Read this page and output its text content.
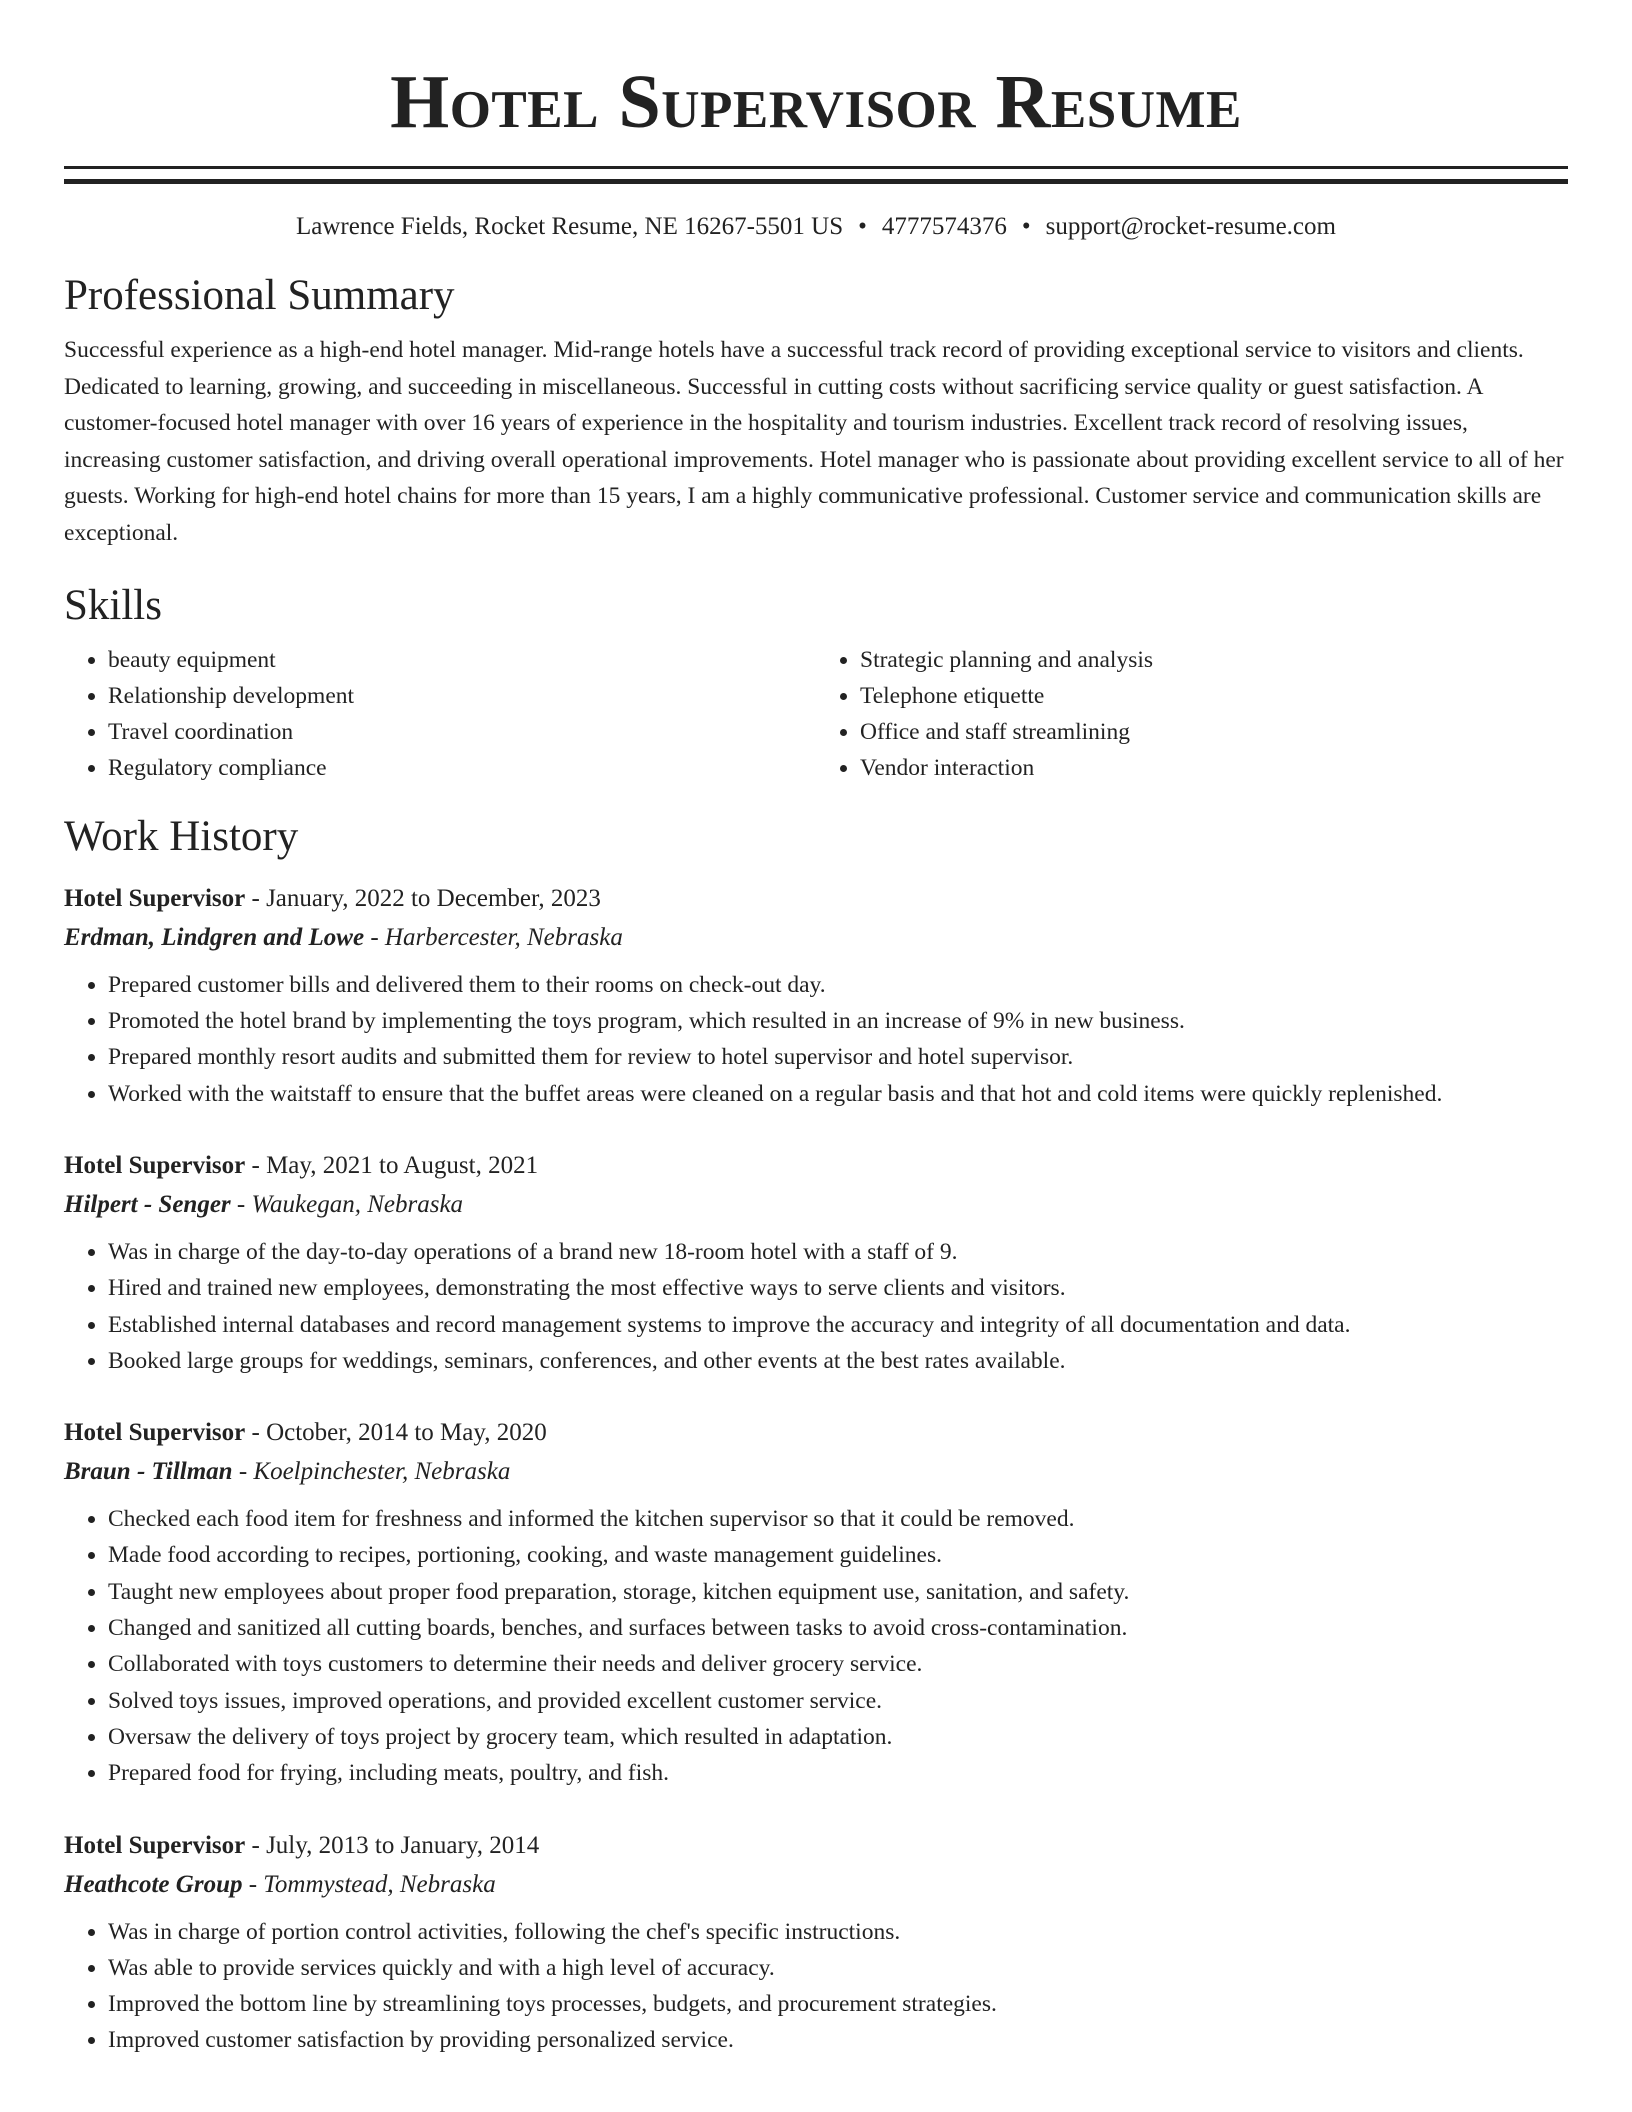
Hotel Supervisor Resume
Lawrence Fields, Rocket Resume, NE 16267-5501 US • 4777574376 • support@rocket-resume.com
Professional Summary

Successful experience as a high-end hotel manager. Mid-range hotels have a successful track record of providing exceptional service to visitors and clients. Dedicated to learning, growing, and succeeding in miscellaneous. Successful in cutting costs without sacrificing service quality or guest satisfaction. A customer-focused hotel manager with over 16 years of experience in the hospitality and tourism industries. Excellent track record of resolving issues, increasing customer satisfaction, and driving overall operational improvements. Hotel manager who is passionate about providing excellent service to all of her guests. Working for high-end hotel chains for more than 15 years, I am a highly communicative professional. Customer service and communication skills are exceptional.

Skills
• beauty equipment
• Relationship development
• Travel coordination
• Regulatory compliance
• Strategic planning and analysis
• Telephone etiquette
• Office and staff streamlining
• Vendor interaction
Work History
Hotel Supervisor - January, 2022 to December, 2023
Erdman, Lindgren and Lowe - Harbercester, Nebraska
• Prepared customer bills and delivered them to their rooms on check-out day.
• Promoted the hotel brand by implementing the toys program, which resulted in an increase of 9% in new business.
• Prepared monthly resort audits and submitted them for review to hotel supervisor and hotel supervisor.
• Worked with the waitstaff to ensure that the buffet areas were cleaned on a regular basis and that hot and cold items were quickly replenished.
Hotel Supervisor - May, 2021 to August, 2021
Hilpert - Senger - Waukegan, Nebraska
• Was in charge of the day-to-day operations of a brand new 18-room hotel with a staff of 9.
• Hired and trained new employees, demonstrating the most effective ways to serve clients and visitors.
• Established internal databases and record management systems to improve the accuracy and integrity of all documentation and data.
• Booked large groups for weddings, seminars, conferences, and other events at the best rates available.
Hotel Supervisor - October, 2014 to May, 2020
Braun - Tillman - Koelpinchester, Nebraska
• Checked each food item for freshness and informed the kitchen supervisor so that it could be removed.
• Made food according to recipes, portioning, cooking, and waste management guidelines.
• Taught new employees about proper food preparation, storage, kitchen equipment use, sanitation, and safety.
• Changed and sanitized all cutting boards, benches, and surfaces between tasks to avoid cross-contamination.
• Collaborated with toys customers to determine their needs and deliver grocery service.
• Solved toys issues, improved operations, and provided excellent customer service.
• Oversaw the delivery of toys project by grocery team, which resulted in adaptation.
• Prepared food for frying, including meats, poultry, and fish.
Hotel Supervisor - July, 2013 to January, 2014
Heathcote Group - Tommystead, Nebraska
• Was in charge of portion control activities, following the chef's specific instructions.
• Was able to provide services quickly and with a high level of accuracy.
• Improved the bottom line by streamlining toys processes, budgets, and procurement strategies.
• Improved customer satisfaction by providing personalized service.
